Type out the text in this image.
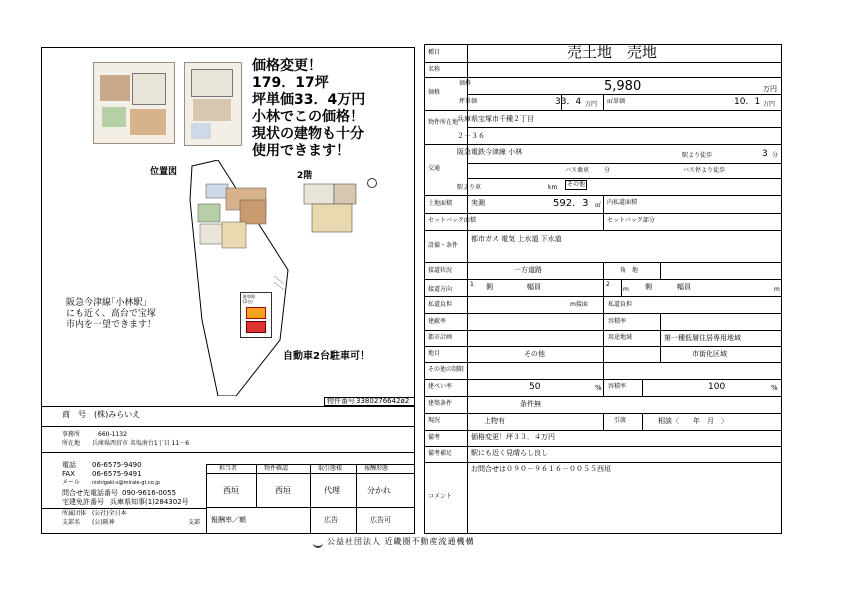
価格変更！
179．17坪
坪単価33．4万円
小林でこの価格！
現状の建物も十分
使用できます！
位置図	2階
駐車場
(2台)
阪急今津線｢小林駅｣
にも近く、高台で宝塚
市内を一望できます！
自動車2台駐車可！
物件番号 3380276642ǿ2
商　号 (株)みらいえ
事務所	660-1132
所在地 兵庫県西宮市 名塩南台1丁目 11－6
電話 06-6575-9490
FAX 06-6575-9491
メール nishigaki-s@miraie-gt.co.jp
問合せ先電話番号 090-9616-0055
宅建免許番号 兵庫県知事(1)284302号
所属団体 (公社)全日本
支部名 (公)阪神	支部
担当者	物件確認	取引態様	報酬形態
西垣	西垣	代理	分かれ
報酬率／額	広告	広告可
種目	売土地　売地
名称
価格
価格	5,980	万円
坪単価	33．4 万円 ㎡単価	10．1 万円
物件所在地
兵庫県宝塚市千種２丁目
２－３６
交通
阪急電鉄今津線 小林	駅より徒歩	3 分
バス乗車 分	バス停より徒歩
駅より車	km	その他
土地面積	実測	592．3 ㎡ 内私道面積
セットバック面積	セットバック部分
設備・条件
都市ガス 電気 上水道 下水道
接道状況	一方道路	角　地
接道方向
1 側	幅員	m
2	側	幅員	m
私道負担	m接面	私道負担
建蔽率	容積率
都市計画	用途地域	第一種低層住居専用地域
地目	その他	市街化区域
その他の制限
建ぺい率	50	% 容積率	100	%
建築条件	条件無
現況	上物有	引渡	相談〈　　年　月　〉
備考	価格変更！坪３３．４万円
備考補足	駅にも近く見晴らし良し
コメント
お問合せは０９０－９６１６－００５５西垣
公益社団法人 近畿圏不動産流通機構
